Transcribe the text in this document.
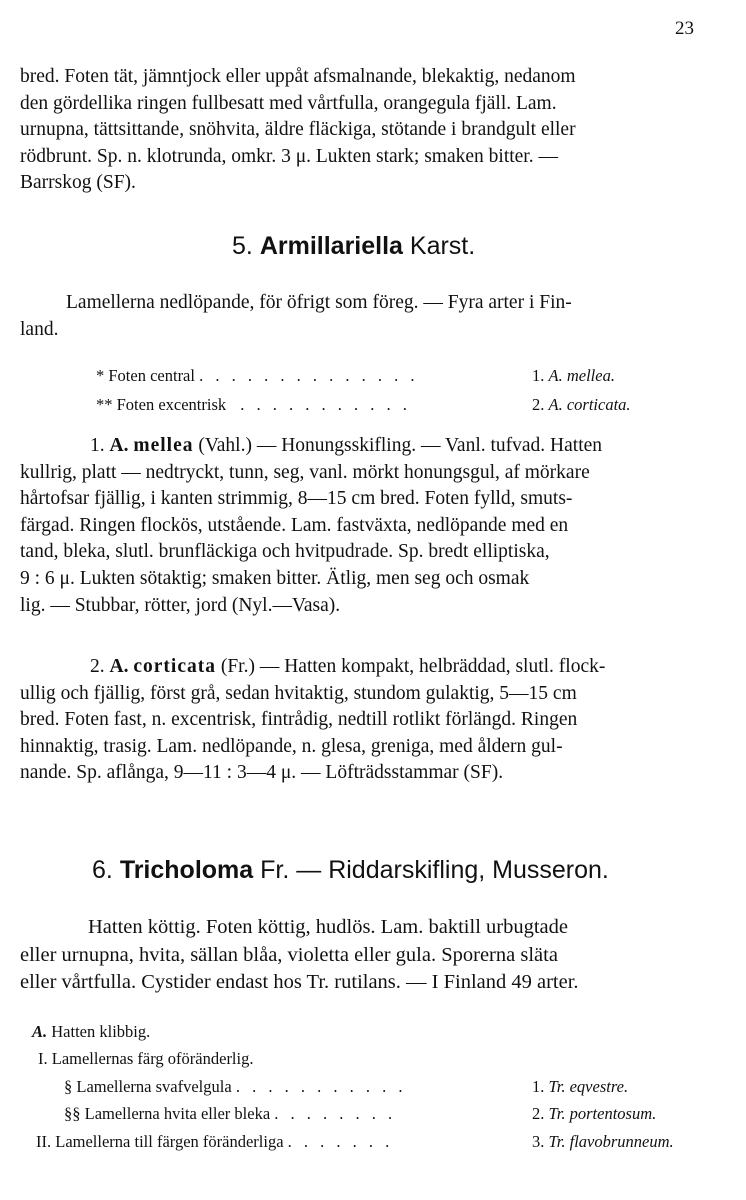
23
bred. Foten tät, jämntjock eller uppåt afsmalnande, blekaktig, nedanom
den gördellika ringen fullbesatt med vårtfulla, orangegula fjäll. Lam.
urnupna, tättsittande, snöhvita, äldre fläckiga, stötande i brandgult eller
rödbrunt. Sp. n. klotrunda, omkr. 3 μ. Lukten stark; smaken bitter. —
Barrskog (SF).
5. Armillariella Karst.
Lamellerna nedlöpande, för öfrigt som föreg. — Fyra arter i Fin-
land.
* Foten central . . . . . . . . . . . . . .	1. A. mellea.
** Foten excentrisk . . . . . . . . . . .	2. A. corticata.
1. A. mellea (Vahl.) — Honungsskifling. — Vanl. tufvad. Hatten
kullrig, platt — nedtryckt, tunn, seg, vanl. mörkt honungsgul, af mörkare
hårtofsar fjällig, i kanten strimmig, 8—15 cm bred. Foten fylld, smuts-
färgad. Ringen flockös, utstående. Lam. fastväxta, nedlöpande med en
tand, bleka, slutl. brunfläckiga och hvitpudrade. Sp. bredt elliptiska,
9 : 6 μ. Lukten sötaktig; smaken bitter. Ätlig, men seg och osmak
lig. — Stubbar, rötter, jord (Nyl.—Vasa).
2. A. corticata (Fr.) — Hatten kompakt, helbräddad, slutl. flock-
ullig och fjällig, först grå, sedan hvitaktig, stundom gulaktig, 5—15 cm
bred. Foten fast, n. excentrisk, fintrådig, nedtill rotlikt förlängd. Ringen
hinnaktig, trasig. Lam. nedlöpande, n. glesa, greniga, med åldern gul-
nande. Sp. aflånga, 9—11 : 3—4 μ. — Löfträdsstammar (SF).
6. Tricholoma Fr. — Riddarskifling, Musseron.
Hatten köttig. Foten köttig, hudlös. Lam. baktill urbugtade
eller urnupna, hvita, sällan blåa, violetta eller gula. Sporerna släta
eller vårtfulla. Cystider endast hos Tr. rutilans. — I Finland 49 arter.
A. Hatten klibbig.
I. Lamellernas färg oföränderlig.
§ Lamellerna svafvelgula . . . . . . . . . . .	1. Tr. eqvestre.
§§ Lamellerna hvita eller bleka . . . . . . . .	2. Tr. portentosum.
II. Lamellerna till färgen föränderliga . . . . . . .	3. Tr. flavobrunneum.
